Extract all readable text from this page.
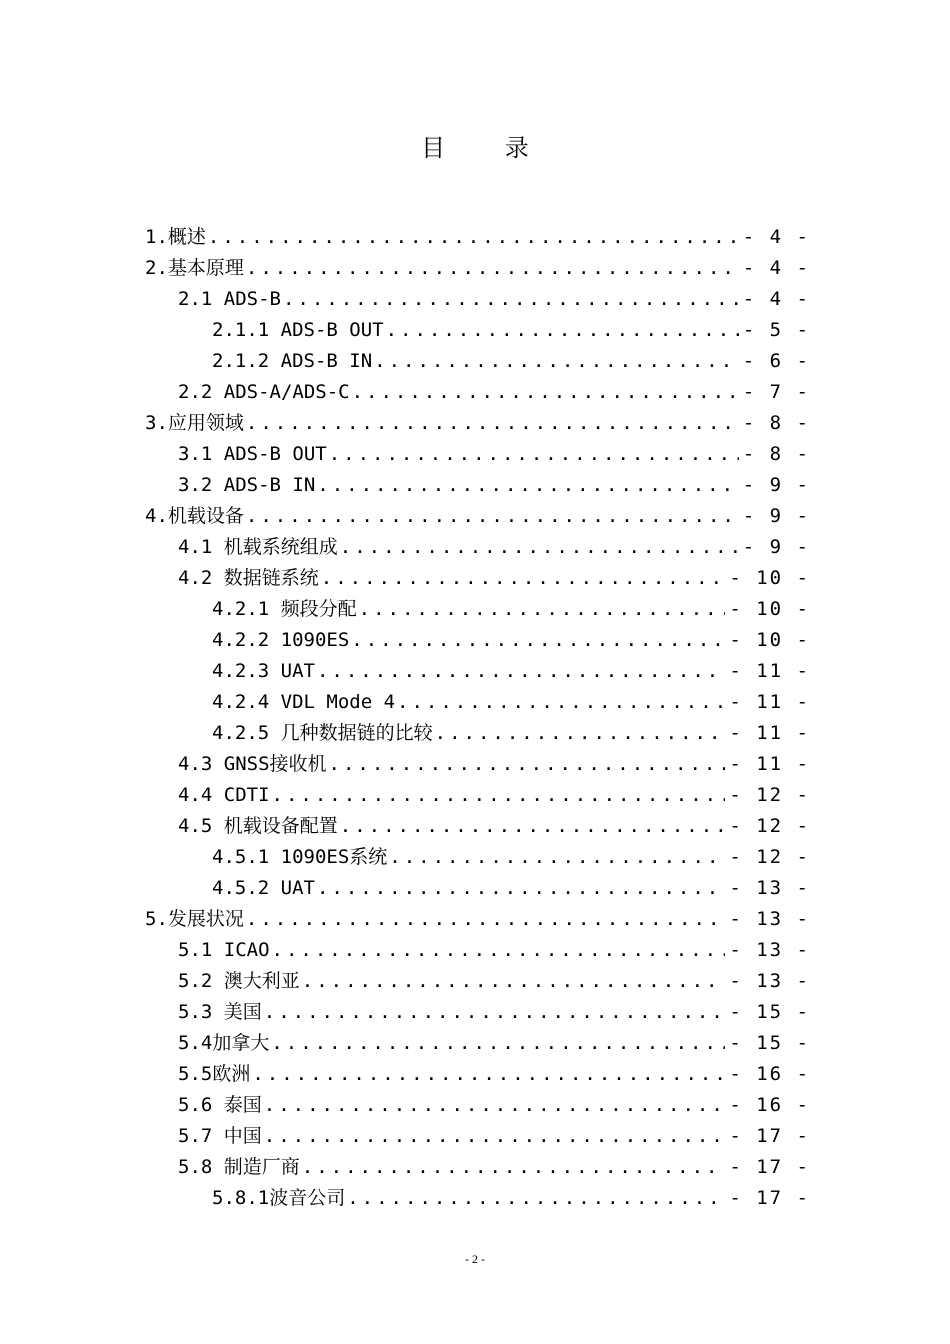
目 录
1.概述 .....	- 4 -
2.基本原理 .....	- 4 -
2.1 ADS-B .....	- 4 -
2.1.1 ADS-B OUT .....	- 5 -
2.1.2 ADS-B IN .....	- 6 -
2.2 ADS-A/ADS-C .....	- 7 -
3.应用领域 .....	- 8 -
3.1 ADS-B OUT .....	- 8 -
3.2 ADS-B IN .....	- 9 -
4.机载设备 .....	- 9 -
4.1 机载系统组成 .....	- 9 -
4.2 数据链系统 .....	- 10 -
4.2.1 频段分配 .....	- 10 -
4.2.2 1090ES .....	- 10 -
4.2.3 UAT .....	- 11 -
4.2.4 VDL Mode 4 .....	- 11 -
4.2.5 几种数据链的比较 .....	- 11 -
4.3 GNSS接收机 .....	- 11 -
4.4 CDTI .....	- 12 -
4.5 机载设备配置 .....	- 12 -
4.5.1 1090ES系统 .....	- 12 -
4.5.2 UAT .....	- 13 -
5.发展状况 .....	- 13 -
5.1 ICAO .....	- 13 -
5.2 澳大利亚 .....	- 13 -
5.3 美国 .....	- 15 -
5.4加拿大 .....	- 15 -
5.5欧洲 .....	- 16 -
5.6 泰国 .....	- 16 -
5.7 中国 .....	- 17 -
5.8 制造厂商 .....	- 17 -
5.8.1波音公司 .....	- 17 -
- 2 -
